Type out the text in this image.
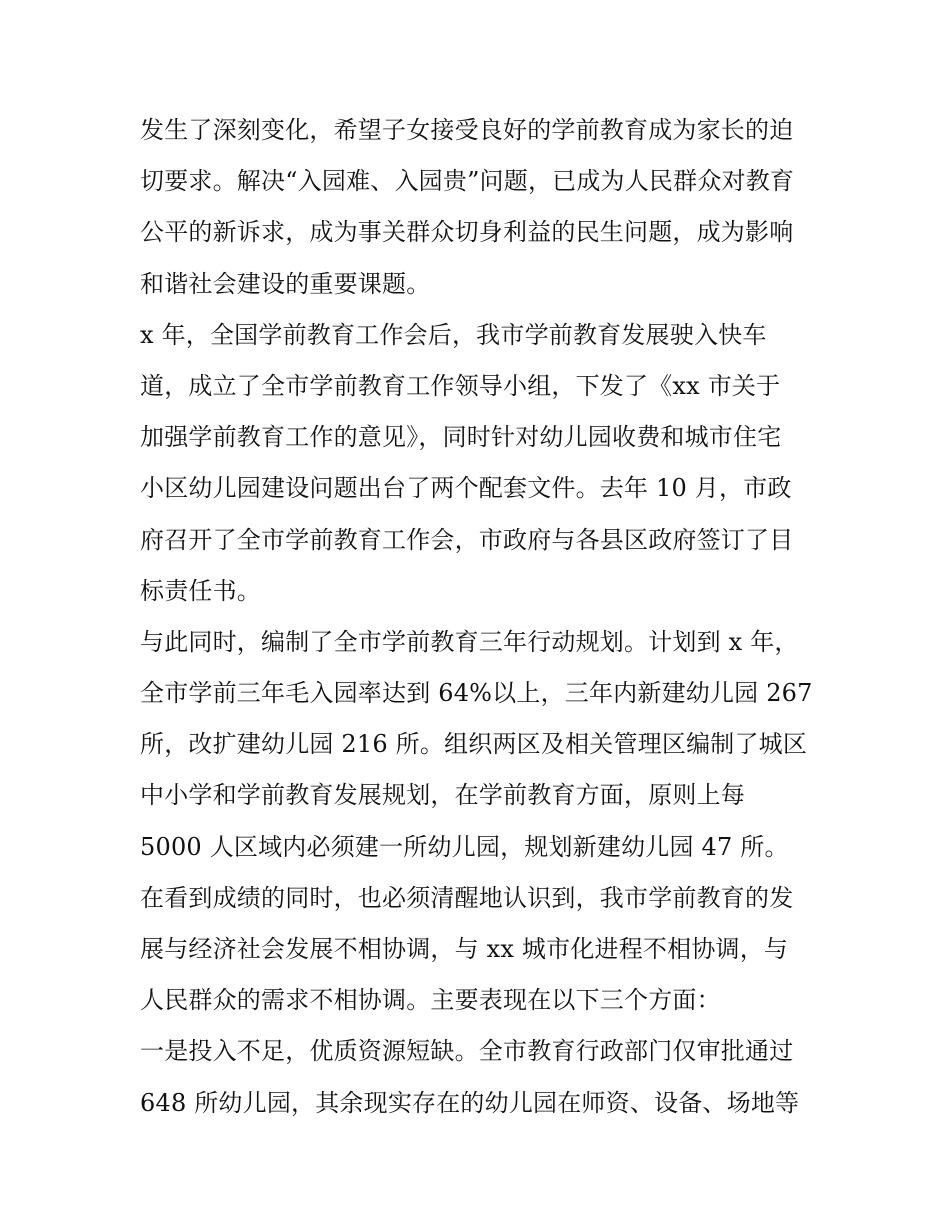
发生了深刻变化，希望子女接受良好的学前教育成为家长的迫
切要求。解决“入园难、入园贵”问题，已成为人民群众对教育
公平的新诉求，成为事关群众切身利益的民生问题，成为影响
和谐社会建设的重要课题。
x 年，全国学前教育工作会后，我市学前教育发展驶入快车
道，成立了全市学前教育工作领导小组，下发了《xx 市关于
加强学前教育工作的意见》，同时针对幼儿园收费和城市住宅
小区幼儿园建设问题出台了两个配套文件。去年 10 月，市政
府召开了全市学前教育工作会，市政府与各县区政府签订了目
标责任书。
与此同时，编制了全市学前教育三年行动规划。计划到 x 年，
全市学前三年毛入园率达到 64%以上，三年内新建幼儿园 267
所，改扩建幼儿园 216 所。组织两区及相关管理区编制了城区
中小学和学前教育发展规划，在学前教育方面，原则上每
5000 人区域内必须建一所幼儿园，规划新建幼儿园 47 所。
在看到成绩的同时，也必须清醒地认识到，我市学前教育的发
展与经济社会发展不相协调，与 xx 城市化进程不相协调，与
人民群众的需求不相协调。主要表现在以下三个方面：
一是投入不足，优质资源短缺。全市教育行政部门仅审批通过
648 所幼儿园，其余现实存在的幼儿园在师资、设备、场地等
